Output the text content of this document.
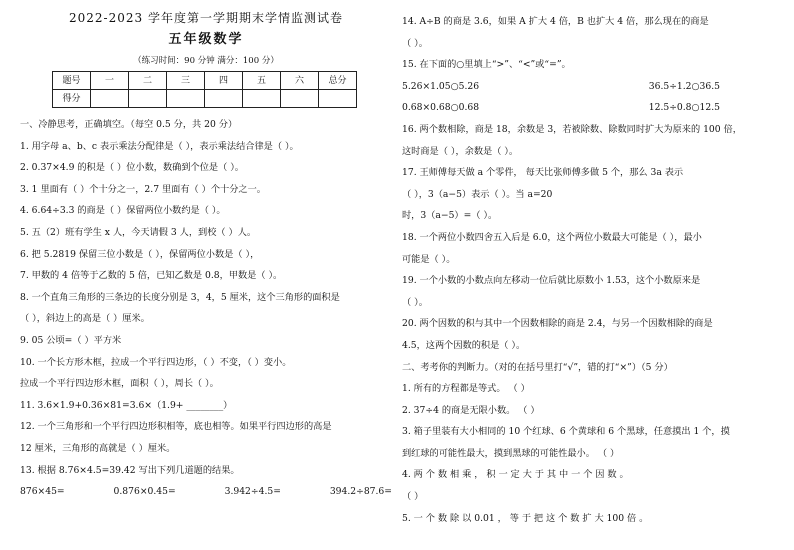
2022-2023 学年度第一学期期末学情监测试卷
五年级数学
（练习时间：90 分钟 满分：100 分）
题号	一	二	三	四	五	六	总分
得分							
一、冷静思考，正确填空。（每空 0.5 分，共 20 分）
1. 用字母 a、b、c 表示乘法分配律是（ ），表示乘法结合律是（ ）。
2. 0.37×4.9 的积是（ ）位小数，数确到个位是（ ）。
3. 1 里面有（ ）个十分之一，2.7 里面有（ ）个十分之一。
4. 6.64÷3.3 的商是（ ）保留两位小数约是（ ）。
5. 五（2）班有学生 x 人，今天请假 3 人，到校（ ）人。
6. 把 5.2819 保留三位小数是（ ），保留两位小数是（ ），
7. 甲数的 4 倍等于乙数的 5 倍，已知乙数是 0.8，甲数是（ ）。
8. 一个直角三角形的三条边的长度分别是 3，4，5 厘米，这个三角形的面积是
（ ），斜边上的高是（ ）厘米。
9. 05 公顷=（ ）平方米
10. 一个长方形木框，拉成一个平行四边形，（ ）不变，（ ）变小。
拉成一个平行四边形木框，面积（ ），周长（ ）。
11. 3.6×1.9+0.36×81=3.6×（1.9+ ________）
12. 一个三角形和一个平行四边形积相等，底也相等。如果平行四边形的高是
12 厘米，三角形的高就是（ ）厘米。
13. 根据 8.76×4.5=39.42 写出下列几道题的结果。
876×45=	0.876×0.45=	3.942÷4.5=	394.2÷87.6=
14. A÷B 的商是 3.6，如果 A 扩大 4 倍，B 也扩大 4 倍，那么现在的商是
（ ）。
15. 在下面的○里填上“>”、“<”或“=”。
5.26×1.05○5.26	36.5÷1.2○36.5
0.68×0.68○0.68	12.5÷0.8○12.5
16. 两个数相除，商是 18，余数是 3，若被除数、除数同时扩大为原来的 100 倍，
这时商是（ ），余数是（ ）。
17. 王师傅每天做 a 个零件， 每天比张师傅多做 5 个，那么 3a 表示
（ ），3（a−5）表示（ ）。当 a=20
时，3（a−5）=（ ）。
18. 一个两位小数四舍五入后是 6.0，这个两位小数最大可能是（ ），最小
可能是（ ）。
19. 一个小数的小数点向左移动一位后就比原数小 1.53，这个小数原来是
（ ）。
20. 两个因数的积与其中一个因数相除的商是 2.4，与另一个因数相除的商是
4.5，这两个因数的积是（ ）。
二、考考你的判断力。（对的在括号里打“√”，错的打“×”）（5 分）
1. 所有的方程都是等式。 （ ）
2. 37÷4 的商是无限小数。 （ ）
3. 箱子里装有大小相同的 10 个红球、6 个黄球和 6 个黑球，任意摸出 1 个，摸
到红球的可能性最大，摸到黑球的可能性最小。 （ ）
4. 两 个 数 相 乘 ， 积 一 定 大 于 其 中 一 个 因 数 。
（ ）
5. 一 个 数 除 以 0.01 ， 等 于 把 这 个 数 扩 大 100 倍 。
